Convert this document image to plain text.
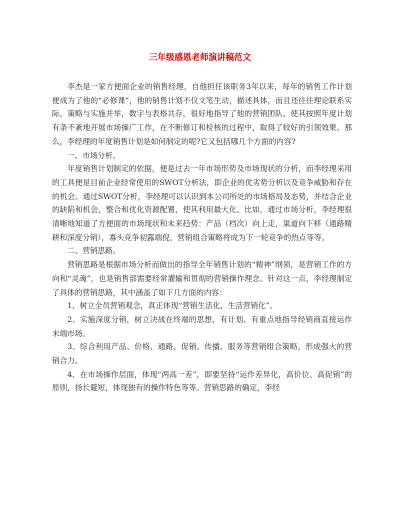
三年级感恩老师演讲稿范文

李杰是一家方便面企业的销售经理，自他担任该职务3年以来，每年的销售工作计划便成为了他的“必修课”，他的销售计划不仅文笔生动，描述具体，而且还往往理论联系实际，策略与实施并举，数字与表格共存，很好地指导了他的营销团队，使其按照年度计划有条不紊地开展市场操广工作，在不断修订和检核的过程中，取得了较好的引领效果。那么，李经理的年度销售计划是如何制定的呢?它又包括哪几个方面的内容?

一、市场分析。

年度销售计划制定的依据，便是过去一年市场形势及市场现状的分析，而李经理采用的工具便是目前企业经常使用的SWOT分析法，即企业的优劣势分析以及竞争威胁和存在的机会。通过SWOT分析，李经理可以认识到本公司所处的市场格局及态势，并结合企业的缺陷和机会，整合和优化资源配置，使其利用最大化。比如，通过市场分析，李经理很清晰地知道了方便面的市场现状和未来趋势：产品（档次）向上走，渠道向下移（通路精耕和深度分销），寡头竞争初露端倪，营销组合策略将成为下一轮竞争的热点等等。

二、营销思路。

营销思路是根据市场分析而做出的指导全年销售计划的“精神”纲领，是营销工作的方向和“灵魂”，也是销售部需要经常灌输和贯彻的营销操作理念。针对这一点，李经理制定了具体的营销思路，其中涵盖了如下几方面的内容：

1、树立全员营销观念，真正体现“营销生活化，生活营销化”。

2、实施深度分销，树立决战在终端的思想，有计划、有重点地指导经销商直接运作末端市场。

3、综合利用产品、价格、通路、促销、传播、服务等营销组合策略，形成强大的营销合力。

4、在市场操作层面，体现“两高一差”，即要坚持“运作差异化，高价位、高促销”的原则，扬长避短，体现独有的操作特色等等。营销思路的确定，李经
